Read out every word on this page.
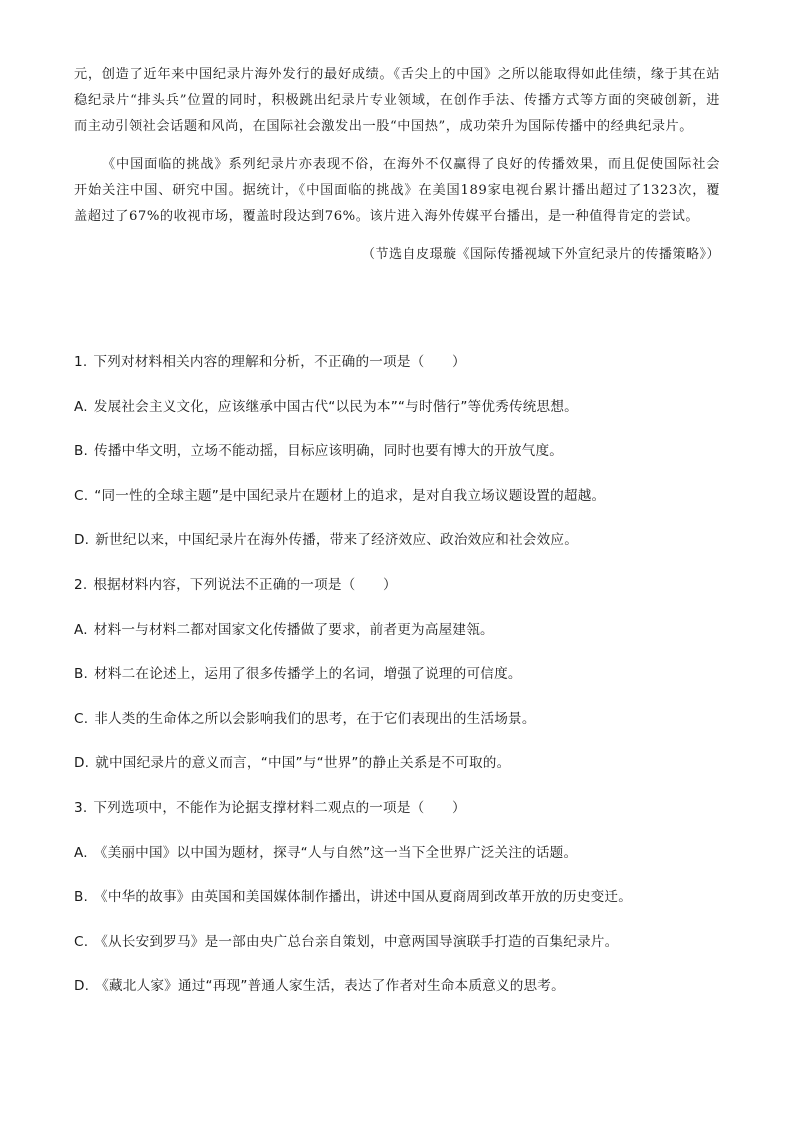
元，创造了近年来中国纪录片海外发行的最好成绩。《舌尖上的中国》之所以能取得如此佳绩，缘于其在站稳纪录片“排头兵”位置的同时，积极跳出纪录片专业领域，在创作手法、传播方式等方面的突破创新，进而主动引领社会话题和风尚，在国际社会激发出一股“中国热”，成功荣升为国际传播中的经典纪录片。

《中国面临的挑战》系列纪录片亦表现不俗，在海外不仅赢得了良好的传播效果，而且促使国际社会开始关注中国、研究中国。据统计，《中国面临的挑战》在美国189家电视台累计播出超过了1323次，覆盖超过了67%的收视市场，覆盖时段达到76%。该片进入海外传媒平台播出，是一种值得肯定的尝试。

（节选自皮璟璇《国际传播视域下外宣纪录片的传播策略》）

1. 下列对材料相关内容的理解和分析，不正确的一项是（　　）

A. 发展社会主义文化，应该继承中国古代“以民为本”“与时偕行”等优秀传统思想。

B. 传播中华文明，立场不能动摇，目标应该明确，同时也要有博大的开放气度。

C. “同一性的全球主题”是中国纪录片在题材上的追求，是对自我立场议题设置的超越。

D. 新世纪以来，中国纪录片在海外传播，带来了经济效应、政治效应和社会效应。

2. 根据材料内容，下列说法不正确的一项是（　　）

A. 材料一与材料二都对国家文化传播做了要求，前者更为高屋建瓴。

B. 材料二在论述上，运用了很多传播学上的名词，增强了说理的可信度。

C. 非人类的生命体之所以会影响我们的思考，在于它们表现出的生活场景。

D. 就中国纪录片的意义而言，“中国”与“世界”的静止关系是不可取的。

3. 下列选项中，不能作为论据支撑材料二观点的一项是（　　）

A. 《美丽中国》以中国为题材，探寻“人与自然”这一当下全世界广泛关注的话题。

B. 《中华的故事》由英国和美国媒体制作播出，讲述中国从夏商周到改革开放的历史变迁。

C. 《从长安到罗马》是一部由央广总台亲自策划，中意两国导演联手打造的百集纪录片。

D. 《藏北人家》通过“再现”普通人家生活，表达了作者对生命本质意义的思考。
